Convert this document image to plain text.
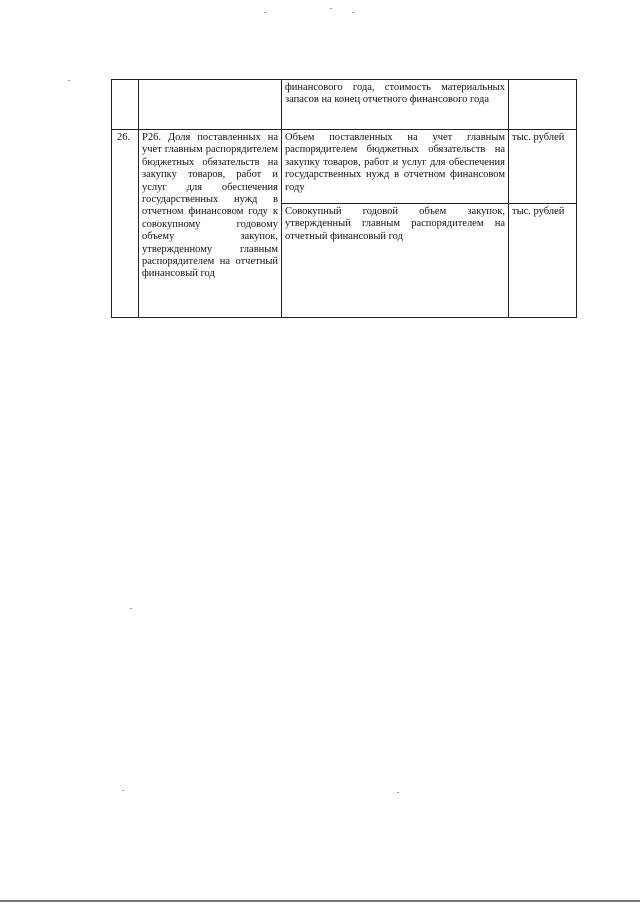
		финансового года, стоимость материальных запасов на конец отчетного финансового года	
26.	Р26. Доля поставленных на учет главным распорядителем бюджетных обязательств на закупку товаров, работ и услуг для обеспечения государственных нужд в отчетном финансовом году к совокупному годовому объему закупок, утвержденному главным распорядителем на отчетный финансовый год	Объем поставленных на учет главным распорядителем бюджетных обязательств на закупку товаров, работ и услуг для обеспечения государственных нужд в отчетном финансовом году	тыс. рублей
		Совокупный годовой объем закупок, утвержденный главным распорядителем на отчетный финансовый год	тыс. рублей
